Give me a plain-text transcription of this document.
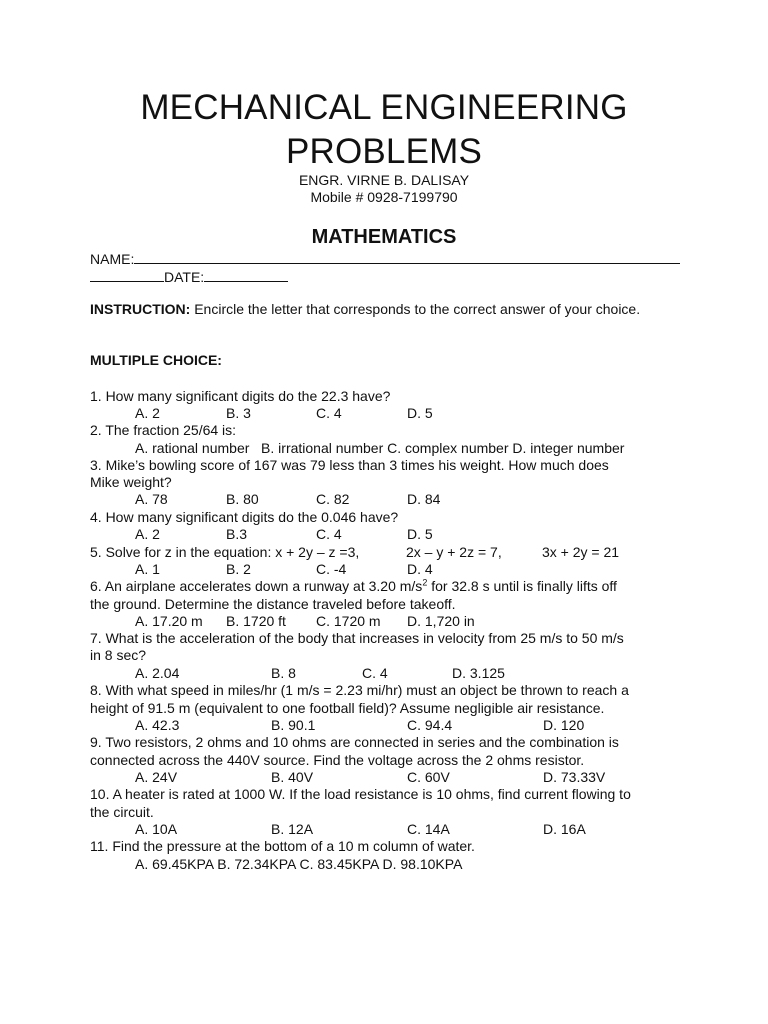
MECHANICAL ENGINEERING
PROBLEMS
ENGR. VIRNE B. DALISAY
Mobile # 0928-7199790
MATHEMATICS
NAME:
DATE:
INSTRUCTION: Encircle the letter that corresponds to the correct answer of your choice.
MULTIPLE CHOICE:
1. How many significant digits do the 22.3 have?
A. 2	B. 3	C. 4	D. 5
2. The fraction 25/64 is:
A. rational number   B. irrational number C. complex number D. integer number
3. Mike’s bowling score of 167 was 79 less than 3 times his weight. How much does
Mike weight?
A. 78	B. 80	C. 82	D. 84
4. How many significant digits do the 0.046 have?
A. 2	B.3	C. 4	D. 5
5. Solve for z in the equation: x + 2y – z =3,	2x – y + 2z = 7,	3x + 2y = 21
A. 1	B. 2	C. -4	D. 4
6. An airplane accelerates down a runway at 3.20 $m/s^2$ for 32.8 s until is finally lifts off
the ground. Determine the distance traveled before takeoff.
A. 17.20 m B. 1720 ft C. 1720 m D. 1,720 in
7. What is the acceleration of the body that increases in velocity from 25 m/s to 50 m/s
in 8 sec?
A. 2.04	B. 8	C. 4	D. 3.125
8. With what speed in miles/hr (1 m/s = 2.23 mi/hr) must an object be thrown to reach a
height of 91.5 m (equivalent to one football field)? Assume negligible air resistance.
A. 42.3	B. 90.1	C. 94.4	D. 120
9. Two resistors, 2 ohms and 10 ohms are connected in series and the combination is
connected across the 440V source. Find the voltage across the 2 ohms resistor.
A. 24V	B. 40V	C. 60V	D. 73.33V
10. A heater is rated at 1000 W. If the load resistance is 10 ohms, find current flowing to
the circuit.
A. 10A	B. 12A	C. 14A	D. 16A
11. Find the pressure at the bottom of a 10 m column of water.
A. 69.45KPA B. 72.34KPA C. 83.45KPA D. 98.10KPA
